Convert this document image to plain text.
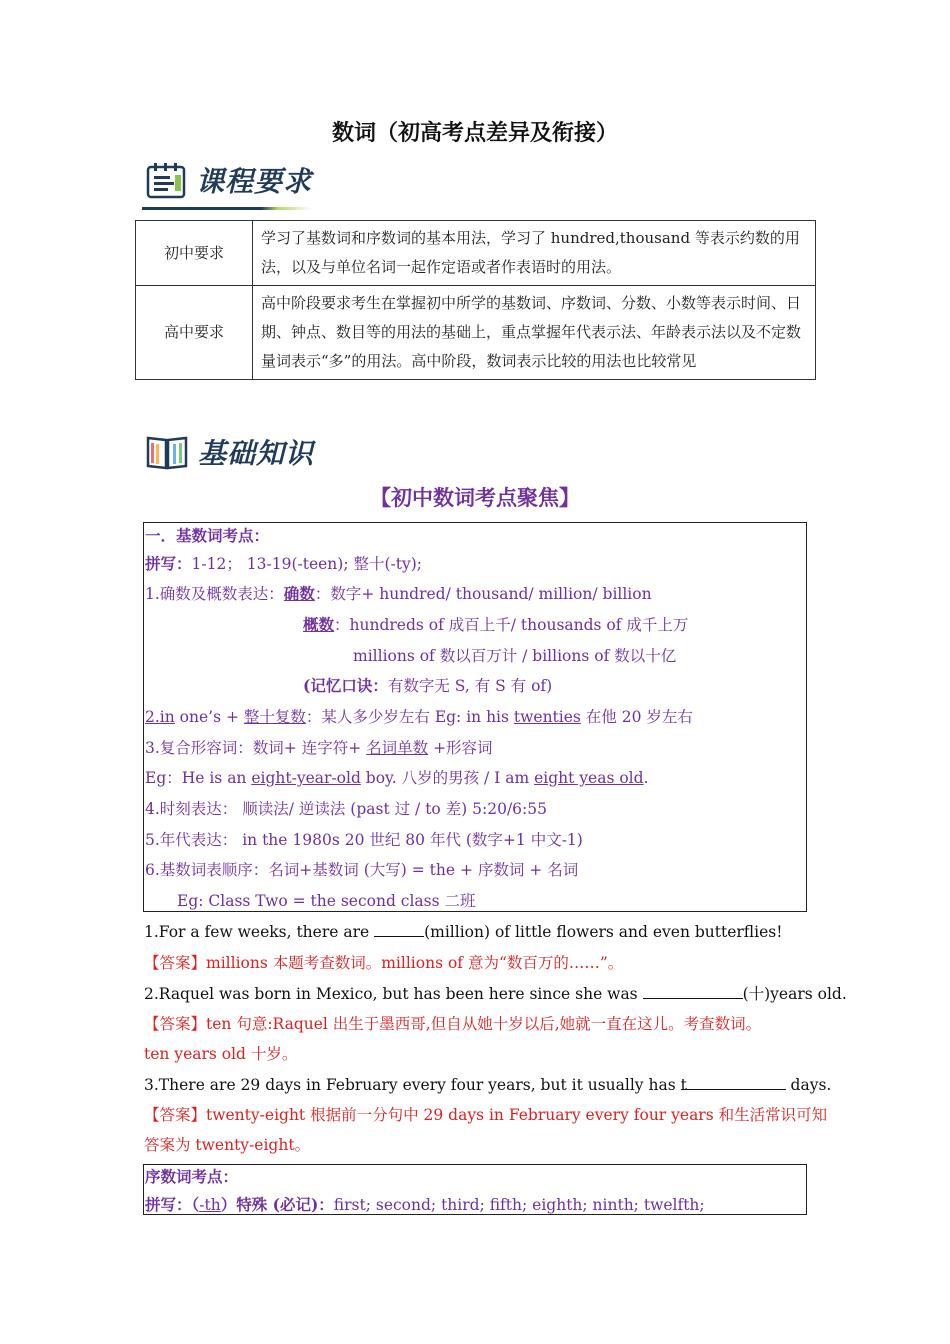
数词（初高考点差异及衔接）
课程要求
初中要求	学习了基数词和序数词的基本用法，学习了 hundred,thousand 等表示约数的用法，以及与单位名词一起作定语或者作表语时的用法。
高中要求	高中阶段要求考生在掌握初中所学的基数词、序数词、分数、小数等表示时间、日期、钟点、数目等的用法的基础上，重点掌握年代表示法、年龄表示法以及不定数量词表示“多”的用法。高中阶段，数词表示比较的用法也比较常见
基础知识
【初中数词考点聚焦】
一．基数词考点：
拼写：1-12； 13-19(-teen); 整十(-ty);
1.确数及概数表达：确数：数字+ hundred/ thousand/ million/ billion
概数：hundreds of 成百上千/ thousands of 成千上万
millions of 数以百万计 / billions of 数以十亿
(记忆口诀：有数字无 S, 有 S 有 of)
2.in one’s + 整十复数：某人多少岁左右 Eg: in his twenties 在他 20 岁左右
3.复合形容词：数词+ 连字符+ 名词单数 +形容词
Eg：He is an eight-year-old boy. 八岁的男孩 / I am eight yeas old.
4.时刻表达： 顺读法/ 逆读法 (past 过 / to 差) 5:20/6:55
5.年代表达： in the 1980s 20 世纪 80 年代 (数字+1 中文-1)
6.基数词表顺序：名词+基数词 (大写) = the + 序数词 + 名词
Eg: Class Two = the second class 二班
1.For a few weeks, there are	(million) of little flowers and even butterflies!
【答案】millions 本题考查数词。millions of 意为“数百万的……”。
2.Raquel was born in Mexico, but has been here since she was	(十)years old.
【答案】ten 句意:Raquel 出生于墨西哥,但自从她十岁以后,她就一直在这儿。考查数词。
ten years old 十岁。
3.There are 29 days in February every four years, but it usually has t	days.
【答案】twenty-eight 根据前一分句中 29 days in February every four years 和生活常识可知
答案为 twenty-eight。
序数词考点：
拼写：（-th）特殊 (必记)：first; second; third; fifth; eighth; ninth; twelfth;
